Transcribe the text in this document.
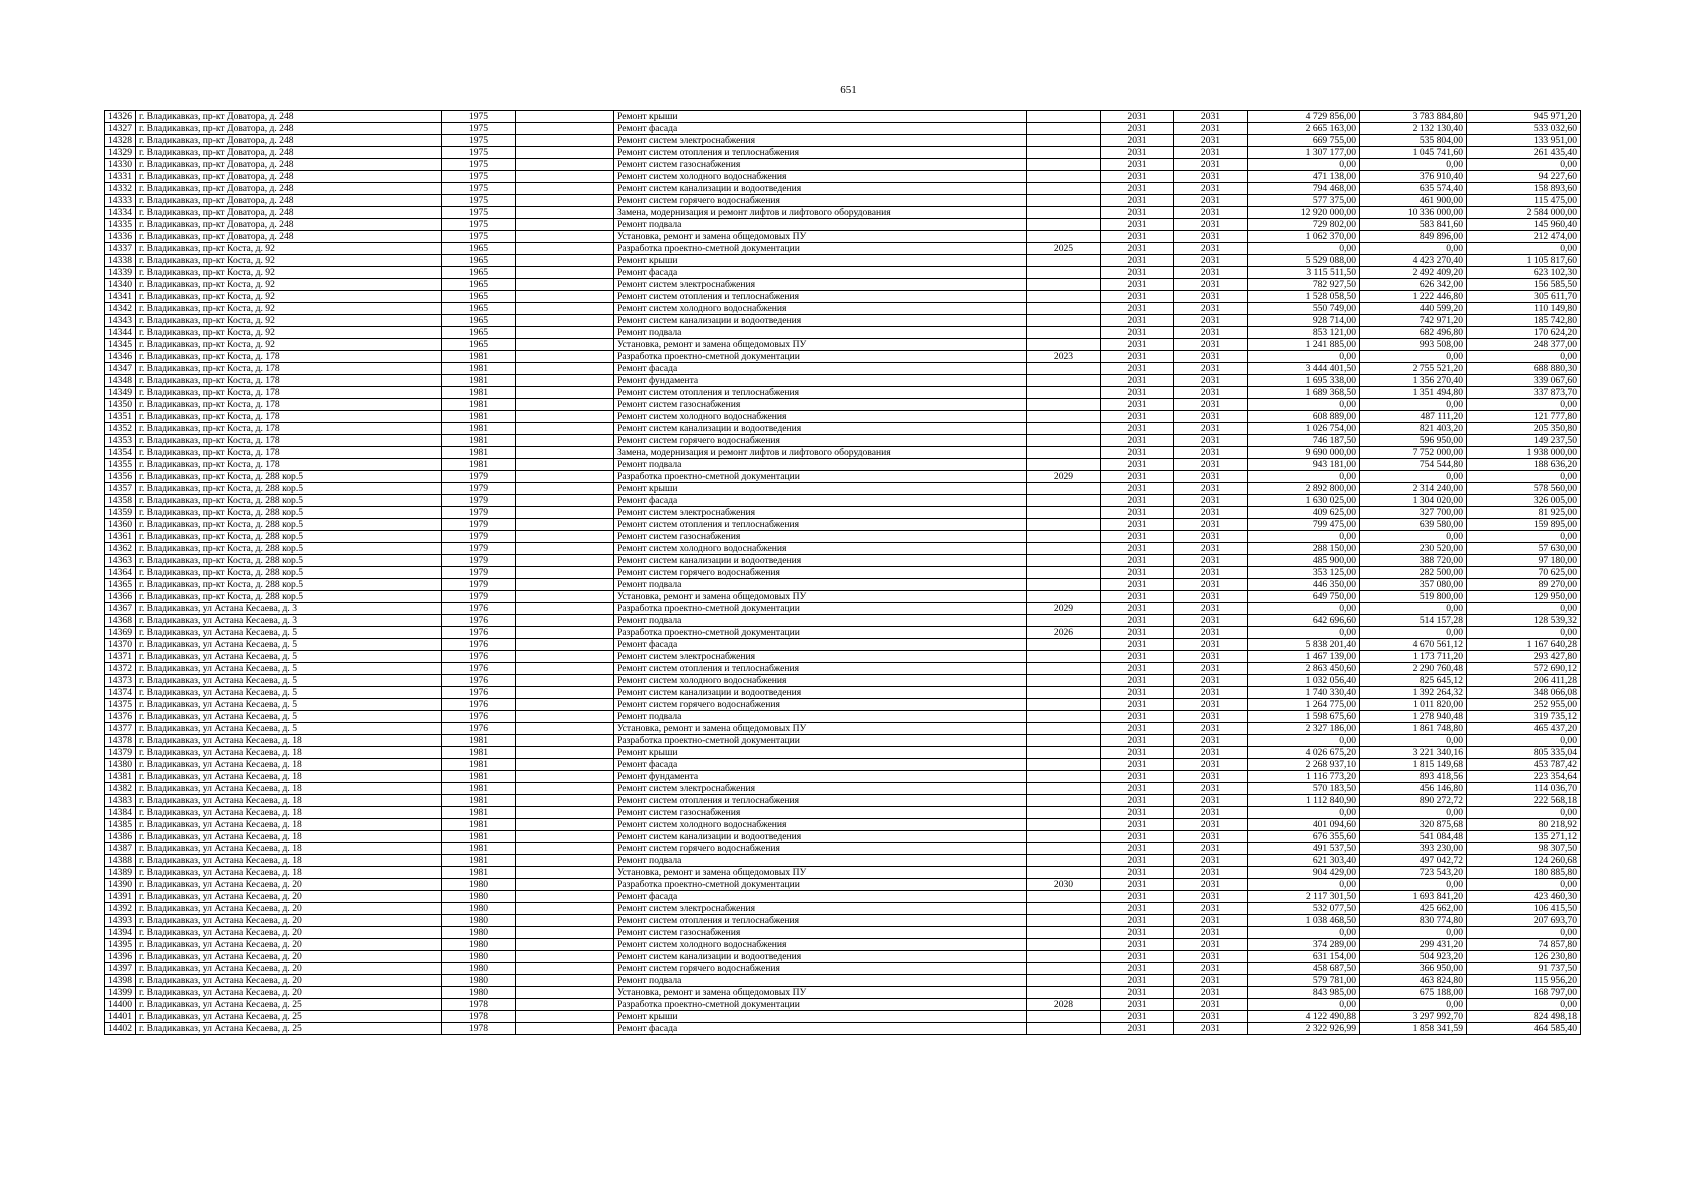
651
14326	г. Владикавказ, пр-кт Доватора, д. 248	1975		Ремонт крыши		2031	2031	4 729 856,00	3 783 884,80	945 971,20
14327	г. Владикавказ, пр-кт Доватора, д. 248	1975		Ремонт фасада		2031	2031	2 665 163,00	2 132 130,40	533 032,60
14328	г. Владикавказ, пр-кт Доватора, д. 248	1975		Ремонт систем электроснабжения		2031	2031	669 755,00	535 804,00	133 951,00
14329	г. Владикавказ, пр-кт Доватора, д. 248	1975		Ремонт систем отопления и теплоснабжения		2031	2031	1 307 177,00	1 045 741,60	261 435,40
14330	г. Владикавказ, пр-кт Доватора, д. 248	1975		Ремонт систем газоснабжения		2031	2031	0,00	0,00	0,00
14331	г. Владикавказ, пр-кт Доватора, д. 248	1975		Ремонт систем холодного водоснабжения		2031	2031	471 138,00	376 910,40	94 227,60
14332	г. Владикавказ, пр-кт Доватора, д. 248	1975		Ремонт систем канализации и водоотведения		2031	2031	794 468,00	635 574,40	158 893,60
14333	г. Владикавказ, пр-кт Доватора, д. 248	1975		Ремонт систем горячего водоснабжения		2031	2031	577 375,00	461 900,00	115 475,00
14334	г. Владикавказ, пр-кт Доватора, д. 248	1975		Замена, модернизация и ремонт лифтов и лифтового оборудования		2031	2031	12 920 000,00	10 336 000,00	2 584 000,00
14335	г. Владикавказ, пр-кт Доватора, д. 248	1975		Ремонт подвала		2031	2031	729 802,00	583 841,60	145 960,40
14336	г. Владикавказ, пр-кт Доватора, д. 248	1975		Установка, ремонт и замена общедомовых ПУ		2031	2031	1 062 370,00	849 896,00	212 474,00
14337	г. Владикавказ, пр-кт Коста, д. 92	1965		Разработка проектно-сметной документации	2025	2031	2031	0,00	0,00	0,00
14338	г. Владикавказ, пр-кт Коста, д. 92	1965		Ремонт крыши		2031	2031	5 529 088,00	4 423 270,40	1 105 817,60
14339	г. Владикавказ, пр-кт Коста, д. 92	1965		Ремонт фасада		2031	2031	3 115 511,50	2 492 409,20	623 102,30
14340	г. Владикавказ, пр-кт Коста, д. 92	1965		Ремонт систем электроснабжения		2031	2031	782 927,50	626 342,00	156 585,50
14341	г. Владикавказ, пр-кт Коста, д. 92	1965		Ремонт систем отопления и теплоснабжения		2031	2031	1 528 058,50	1 222 446,80	305 611,70
14342	г. Владикавказ, пр-кт Коста, д. 92	1965		Ремонт систем холодного водоснабжения		2031	2031	550 749,00	440 599,20	110 149,80
14343	г. Владикавказ, пр-кт Коста, д. 92	1965		Ремонт систем канализации и водоотведения		2031	2031	928 714,00	742 971,20	185 742,80
14344	г. Владикавказ, пр-кт Коста, д. 92	1965		Ремонт подвала		2031	2031	853 121,00	682 496,80	170 624,20
14345	г. Владикавказ, пр-кт Коста, д. 92	1965		Установка, ремонт и замена общедомовых ПУ		2031	2031	1 241 885,00	993 508,00	248 377,00
14346	г. Владикавказ, пр-кт Коста, д. 178	1981		Разработка проектно-сметной документации	2023	2031	2031	0,00	0,00	0,00
14347	г. Владикавказ, пр-кт Коста, д. 178	1981		Ремонт фасада		2031	2031	3 444 401,50	2 755 521,20	688 880,30
14348	г. Владикавказ, пр-кт Коста, д. 178	1981		Ремонт фундамента		2031	2031	1 695 338,00	1 356 270,40	339 067,60
14349	г. Владикавказ, пр-кт Коста, д. 178	1981		Ремонт систем отопления и теплоснабжения		2031	2031	1 689 368,50	1 351 494,80	337 873,70
14350	г. Владикавказ, пр-кт Коста, д. 178	1981		Ремонт систем газоснабжения		2031	2031	0,00	0,00	0,00
14351	г. Владикавказ, пр-кт Коста, д. 178	1981		Ремонт систем холодного водоснабжения		2031	2031	608 889,00	487 111,20	121 777,80
14352	г. Владикавказ, пр-кт Коста, д. 178	1981		Ремонт систем канализации и водоотведения		2031	2031	1 026 754,00	821 403,20	205 350,80
14353	г. Владикавказ, пр-кт Коста, д. 178	1981		Ремонт систем горячего водоснабжения		2031	2031	746 187,50	596 950,00	149 237,50
14354	г. Владикавказ, пр-кт Коста, д. 178	1981		Замена, модернизация и ремонт лифтов и лифтового оборудования		2031	2031	9 690 000,00	7 752 000,00	1 938 000,00
14355	г. Владикавказ, пр-кт Коста, д. 178	1981		Ремонт подвала		2031	2031	943 181,00	754 544,80	188 636,20
14356	г. Владикавказ, пр-кт Коста, д. 288 кор.5	1979		Разработка проектно-сметной документации	2029	2031	2031	0,00	0,00	0,00
14357	г. Владикавказ, пр-кт Коста, д. 288 кор.5	1979		Ремонт крыши		2031	2031	2 892 800,00	2 314 240,00	578 560,00
14358	г. Владикавказ, пр-кт Коста, д. 288 кор.5	1979		Ремонт фасада		2031	2031	1 630 025,00	1 304 020,00	326 005,00
14359	г. Владикавказ, пр-кт Коста, д. 288 кор.5	1979		Ремонт систем электроснабжения		2031	2031	409 625,00	327 700,00	81 925,00
14360	г. Владикавказ, пр-кт Коста, д. 288 кор.5	1979		Ремонт систем отопления и теплоснабжения		2031	2031	799 475,00	639 580,00	159 895,00
14361	г. Владикавказ, пр-кт Коста, д. 288 кор.5	1979		Ремонт систем газоснабжения		2031	2031	0,00	0,00	0,00
14362	г. Владикавказ, пр-кт Коста, д. 288 кор.5	1979		Ремонт систем холодного водоснабжения		2031	2031	288 150,00	230 520,00	57 630,00
14363	г. Владикавказ, пр-кт Коста, д. 288 кор.5	1979		Ремонт систем канализации и водоотведения		2031	2031	485 900,00	388 720,00	97 180,00
14364	г. Владикавказ, пр-кт Коста, д. 288 кор.5	1979		Ремонт систем горячего водоснабжения		2031	2031	353 125,00	282 500,00	70 625,00
14365	г. Владикавказ, пр-кт Коста, д. 288 кор.5	1979		Ремонт подвала		2031	2031	446 350,00	357 080,00	89 270,00
14366	г. Владикавказ, пр-кт Коста, д. 288 кор.5	1979		Установка, ремонт и замена общедомовых ПУ		2031	2031	649 750,00	519 800,00	129 950,00
14367	г. Владикавказ, ул Астана Кесаева, д. 3	1976		Разработка проектно-сметной документации	2029	2031	2031	0,00	0,00	0,00
14368	г. Владикавказ, ул Астана Кесаева, д. 3	1976		Ремонт подвала		2031	2031	642 696,60	514 157,28	128 539,32
14369	г. Владикавказ, ул Астана Кесаева, д. 5	1976		Разработка проектно-сметной документации	2026	2031	2031	0,00	0,00	0,00
14370	г. Владикавказ, ул Астана Кесаева, д. 5	1976		Ремонт фасада		2031	2031	5 838 201,40	4 670 561,12	1 167 640,28
14371	г. Владикавказ, ул Астана Кесаева, д. 5	1976		Ремонт систем электроснабжения		2031	2031	1 467 139,00	1 173 711,20	293 427,80
14372	г. Владикавказ, ул Астана Кесаева, д. 5	1976		Ремонт систем отопления и теплоснабжения		2031	2031	2 863 450,60	2 290 760,48	572 690,12
14373	г. Владикавказ, ул Астана Кесаева, д. 5	1976		Ремонт систем холодного водоснабжения		2031	2031	1 032 056,40	825 645,12	206 411,28
14374	г. Владикавказ, ул Астана Кесаева, д. 5	1976		Ремонт систем канализации и водоотведения		2031	2031	1 740 330,40	1 392 264,32	348 066,08
14375	г. Владикавказ, ул Астана Кесаева, д. 5	1976		Ремонт систем горячего водоснабжения		2031	2031	1 264 775,00	1 011 820,00	252 955,00
14376	г. Владикавказ, ул Астана Кесаева, д. 5	1976		Ремонт подвала		2031	2031	1 598 675,60	1 278 940,48	319 735,12
14377	г. Владикавказ, ул Астана Кесаева, д. 5	1976		Установка, ремонт и замена общедомовых ПУ		2031	2031	2 327 186,00	1 861 748,80	465 437,20
14378	г. Владикавказ, ул Астана Кесаева, д. 18	1981		Разработка проектно-сметной документации		2031	2031	0,00	0,00	0,00
14379	г. Владикавказ, ул Астана Кесаева, д. 18	1981		Ремонт крыши		2031	2031	4 026 675,20	3 221 340,16	805 335,04
14380	г. Владикавказ, ул Астана Кесаева, д. 18	1981		Ремонт фасада		2031	2031	2 268 937,10	1 815 149,68	453 787,42
14381	г. Владикавказ, ул Астана Кесаева, д. 18	1981		Ремонт фундамента		2031	2031	1 116 773,20	893 418,56	223 354,64
14382	г. Владикавказ, ул Астана Кесаева, д. 18	1981		Ремонт систем электроснабжения		2031	2031	570 183,50	456 146,80	114 036,70
14383	г. Владикавказ, ул Астана Кесаева, д. 18	1981		Ремонт систем отопления и теплоснабжения		2031	2031	1 112 840,90	890 272,72	222 568,18
14384	г. Владикавказ, ул Астана Кесаева, д. 18	1981		Ремонт систем газоснабжения		2031	2031	0,00	0,00	0,00
14385	г. Владикавказ, ул Астана Кесаева, д. 18	1981		Ремонт систем холодного водоснабжения		2031	2031	401 094,60	320 875,68	80 218,92
14386	г. Владикавказ, ул Астана Кесаева, д. 18	1981		Ремонт систем канализации и водоотведения		2031	2031	676 355,60	541 084,48	135 271,12
14387	г. Владикавказ, ул Астана Кесаева, д. 18	1981		Ремонт систем горячего водоснабжения		2031	2031	491 537,50	393 230,00	98 307,50
14388	г. Владикавказ, ул Астана Кесаева, д. 18	1981		Ремонт подвала		2031	2031	621 303,40	497 042,72	124 260,68
14389	г. Владикавказ, ул Астана Кесаева, д. 18	1981		Установка, ремонт и замена общедомовых ПУ		2031	2031	904 429,00	723 543,20	180 885,80
14390	г. Владикавказ, ул Астана Кесаева, д. 20	1980		Разработка проектно-сметной документации	2030	2031	2031	0,00	0,00	0,00
14391	г. Владикавказ, ул Астана Кесаева, д. 20	1980		Ремонт фасада		2031	2031	2 117 301,50	1 693 841,20	423 460,30
14392	г. Владикавказ, ул Астана Кесаева, д. 20	1980		Ремонт систем электроснабжения		2031	2031	532 077,50	425 662,00	106 415,50
14393	г. Владикавказ, ул Астана Кесаева, д. 20	1980		Ремонт систем отопления и теплоснабжения		2031	2031	1 038 468,50	830 774,80	207 693,70
14394	г. Владикавказ, ул Астана Кесаева, д. 20	1980		Ремонт систем газоснабжения		2031	2031	0,00	0,00	0,00
14395	г. Владикавказ, ул Астана Кесаева, д. 20	1980		Ремонт систем холодного водоснабжения		2031	2031	374 289,00	299 431,20	74 857,80
14396	г. Владикавказ, ул Астана Кесаева, д. 20	1980		Ремонт систем канализации и водоотведения		2031	2031	631 154,00	504 923,20	126 230,80
14397	г. Владикавказ, ул Астана Кесаева, д. 20	1980		Ремонт систем горячего водоснабжения		2031	2031	458 687,50	366 950,00	91 737,50
14398	г. Владикавказ, ул Астана Кесаева, д. 20	1980		Ремонт подвала		2031	2031	579 781,00	463 824,80	115 956,20
14399	г. Владикавказ, ул Астана Кесаева, д. 20	1980		Установка, ремонт и замена общедомовых ПУ		2031	2031	843 985,00	675 188,00	168 797,00
14400	г. Владикавказ, ул Астана Кесаева, д. 25	1978		Разработка проектно-сметной документации	2028	2031	2031	0,00	0,00	0,00
14401	г. Владикавказ, ул Астана Кесаева, д. 25	1978		Ремонт крыши		2031	2031	4 122 490,88	3 297 992,70	824 498,18
14402	г. Владикавказ, ул Астана Кесаева, д. 25	1978		Ремонт фасада		2031	2031	2 322 926,99	1 858 341,59	464 585,40
